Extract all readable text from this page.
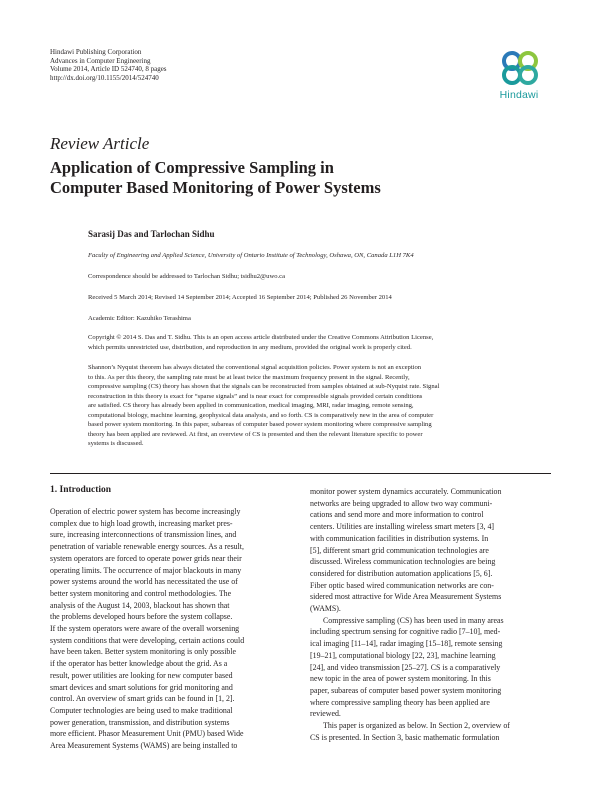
Hindawi Publishing Corporation
Advances in Computer Engineering
Volume 2014, Article ID 524740, 8 pages
http://dx.doi.org/10.1155/2014/524740
Hindawi
Review Article
Application of Compressive Sampling in
Computer Based Monitoring of Power Systems
Sarasij Das and Tarlochan Sidhu
Faculty of Engineering and Applied Science, University of Ontario Institute of Technology, Oshawa, ON, Canada L1H 7K4
Correspondence should be addressed to Tarlochan Sidhu; tsidhu2@uwo.ca
Received 5 March 2014; Revised 14 September 2014; Accepted 16 September 2014; Published 26 November 2014
Academic Editor: Kazuhiko Terashima
Copyright © 2014 S. Das and T. Sidhu. This is an open access article distributed under the Creative Commons Attribution License,
which permits unrestricted use, distribution, and reproduction in any medium, provided the original work is properly cited.
Shannon’s Nyquist theorem has always dictated the conventional signal acquisition policies. Power system is not an exception
to this. As per this theory, the sampling rate must be at least twice the maximum frequency present in the signal. Recently,
compressive sampling (CS) theory has shown that the signals can be reconstructed from samples obtained at sub-Nyquist rate. Signal
reconstruction in this theory is exact for “sparse signals” and is near exact for compressible signals provided certain conditions
are satisfied. CS theory has already been applied in communication, medical imaging, MRI, radar imaging, remote sensing,
computational biology, machine learning, geophysical data analysis, and so forth. CS is comparatively new in the area of computer
based power system monitoring. In this paper, subareas of computer based power system monitoring where compressive sampling
theory has been applied are reviewed. At first, an overview of CS is presented and then the relevant literature specific to power
systems is discussed.
1. Introduction
Operation of electric power system has become increasingly
complex due to high load growth, increasing market pres-
sure, increasing interconnections of transmission lines, and
penetration of variable renewable energy sources. As a result,
system operators are forced to operate power grids near their
operating limits. The occurrence of major blackouts in many
power systems around the world has necessitated the use of
better system monitoring and control methodologies. The
analysis of the August 14, 2003, blackout has shown that
the problems developed hours before the system collapse.
If the system operators were aware of the overall worsening
system conditions that were developing, certain actions could
have been taken. Better system monitoring is only possible
if the operator has better knowledge about the grid. As a
result, power utilities are looking for new computer based
smart devices and smart solutions for grid monitoring and
control. An overview of smart grids can be found in [1, 2].
Computer technologies are being used to make traditional
power generation, transmission, and distribution systems
more efficient. Phasor Measurement Unit (PMU) based Wide
Area Measurement Systems (WAMS) are being installed to
monitor power system dynamics accurately. Communication
networks are being upgraded to allow two way communi-
cations and send more and more information to control
centers. Utilities are installing wireless smart meters [3, 4]
with communication facilities in distribution systems. In
[5], different smart grid communication technologies are
discussed. Wireless communication technologies are being
considered for distribution automation applications [5, 6].
Fiber optic based wired communication networks are con-
sidered most attractive for Wide Area Measurement Systems
(WAMS).
Compressive sampling (CS) has been used in many areas
including spectrum sensing for cognitive radio [7–10], med-
ical imaging [11–14], radar imaging [15–18], remote sensing
[19–21], computational biology [22, 23], machine learning
[24], and video transmission [25–27]. CS is a comparatively
new topic in the area of power system monitoring. In this
paper, subareas of computer based power system monitoring
where compressive sampling theory has been applied are
reviewed.
This paper is organized as below. In Section 2, overview of
CS is presented. In Section 3, basic mathematic formulation
